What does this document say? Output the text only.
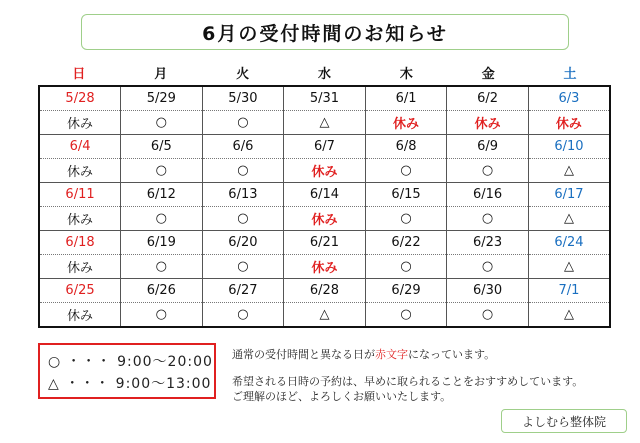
6月の受付時間のお知らせ
日	月	火	水	木	金	土
5/28	5/29	5/30	5/31	6/1	6/2	6/3
休み	○	○	△	休み	休み	休み
6/4	6/5	6/6	6/7	6/8	6/9	6/10
休み	○	○	休み	○	○	△
6/11	6/12	6/13	6/14	6/15	6/16	6/17
休み	○	○	休み	○	○	△
6/18	6/19	6/20	6/21	6/22	6/23	6/24
休み	○	○	休み	○	○	△
6/25	6/26	6/27	6/28	6/29	6/30	7/1
休み	○	○	△	○	○	△
○ ・・・ 9:00～20:00
△ ・・・ 9:00～13:00
通常の受付時間と異なる日が赤文字になっています。
希望される日時の予約は、早めに取られることをおすすめしています。
ご理解のほど、よろしくお願いいたします。
よしむら整体院
